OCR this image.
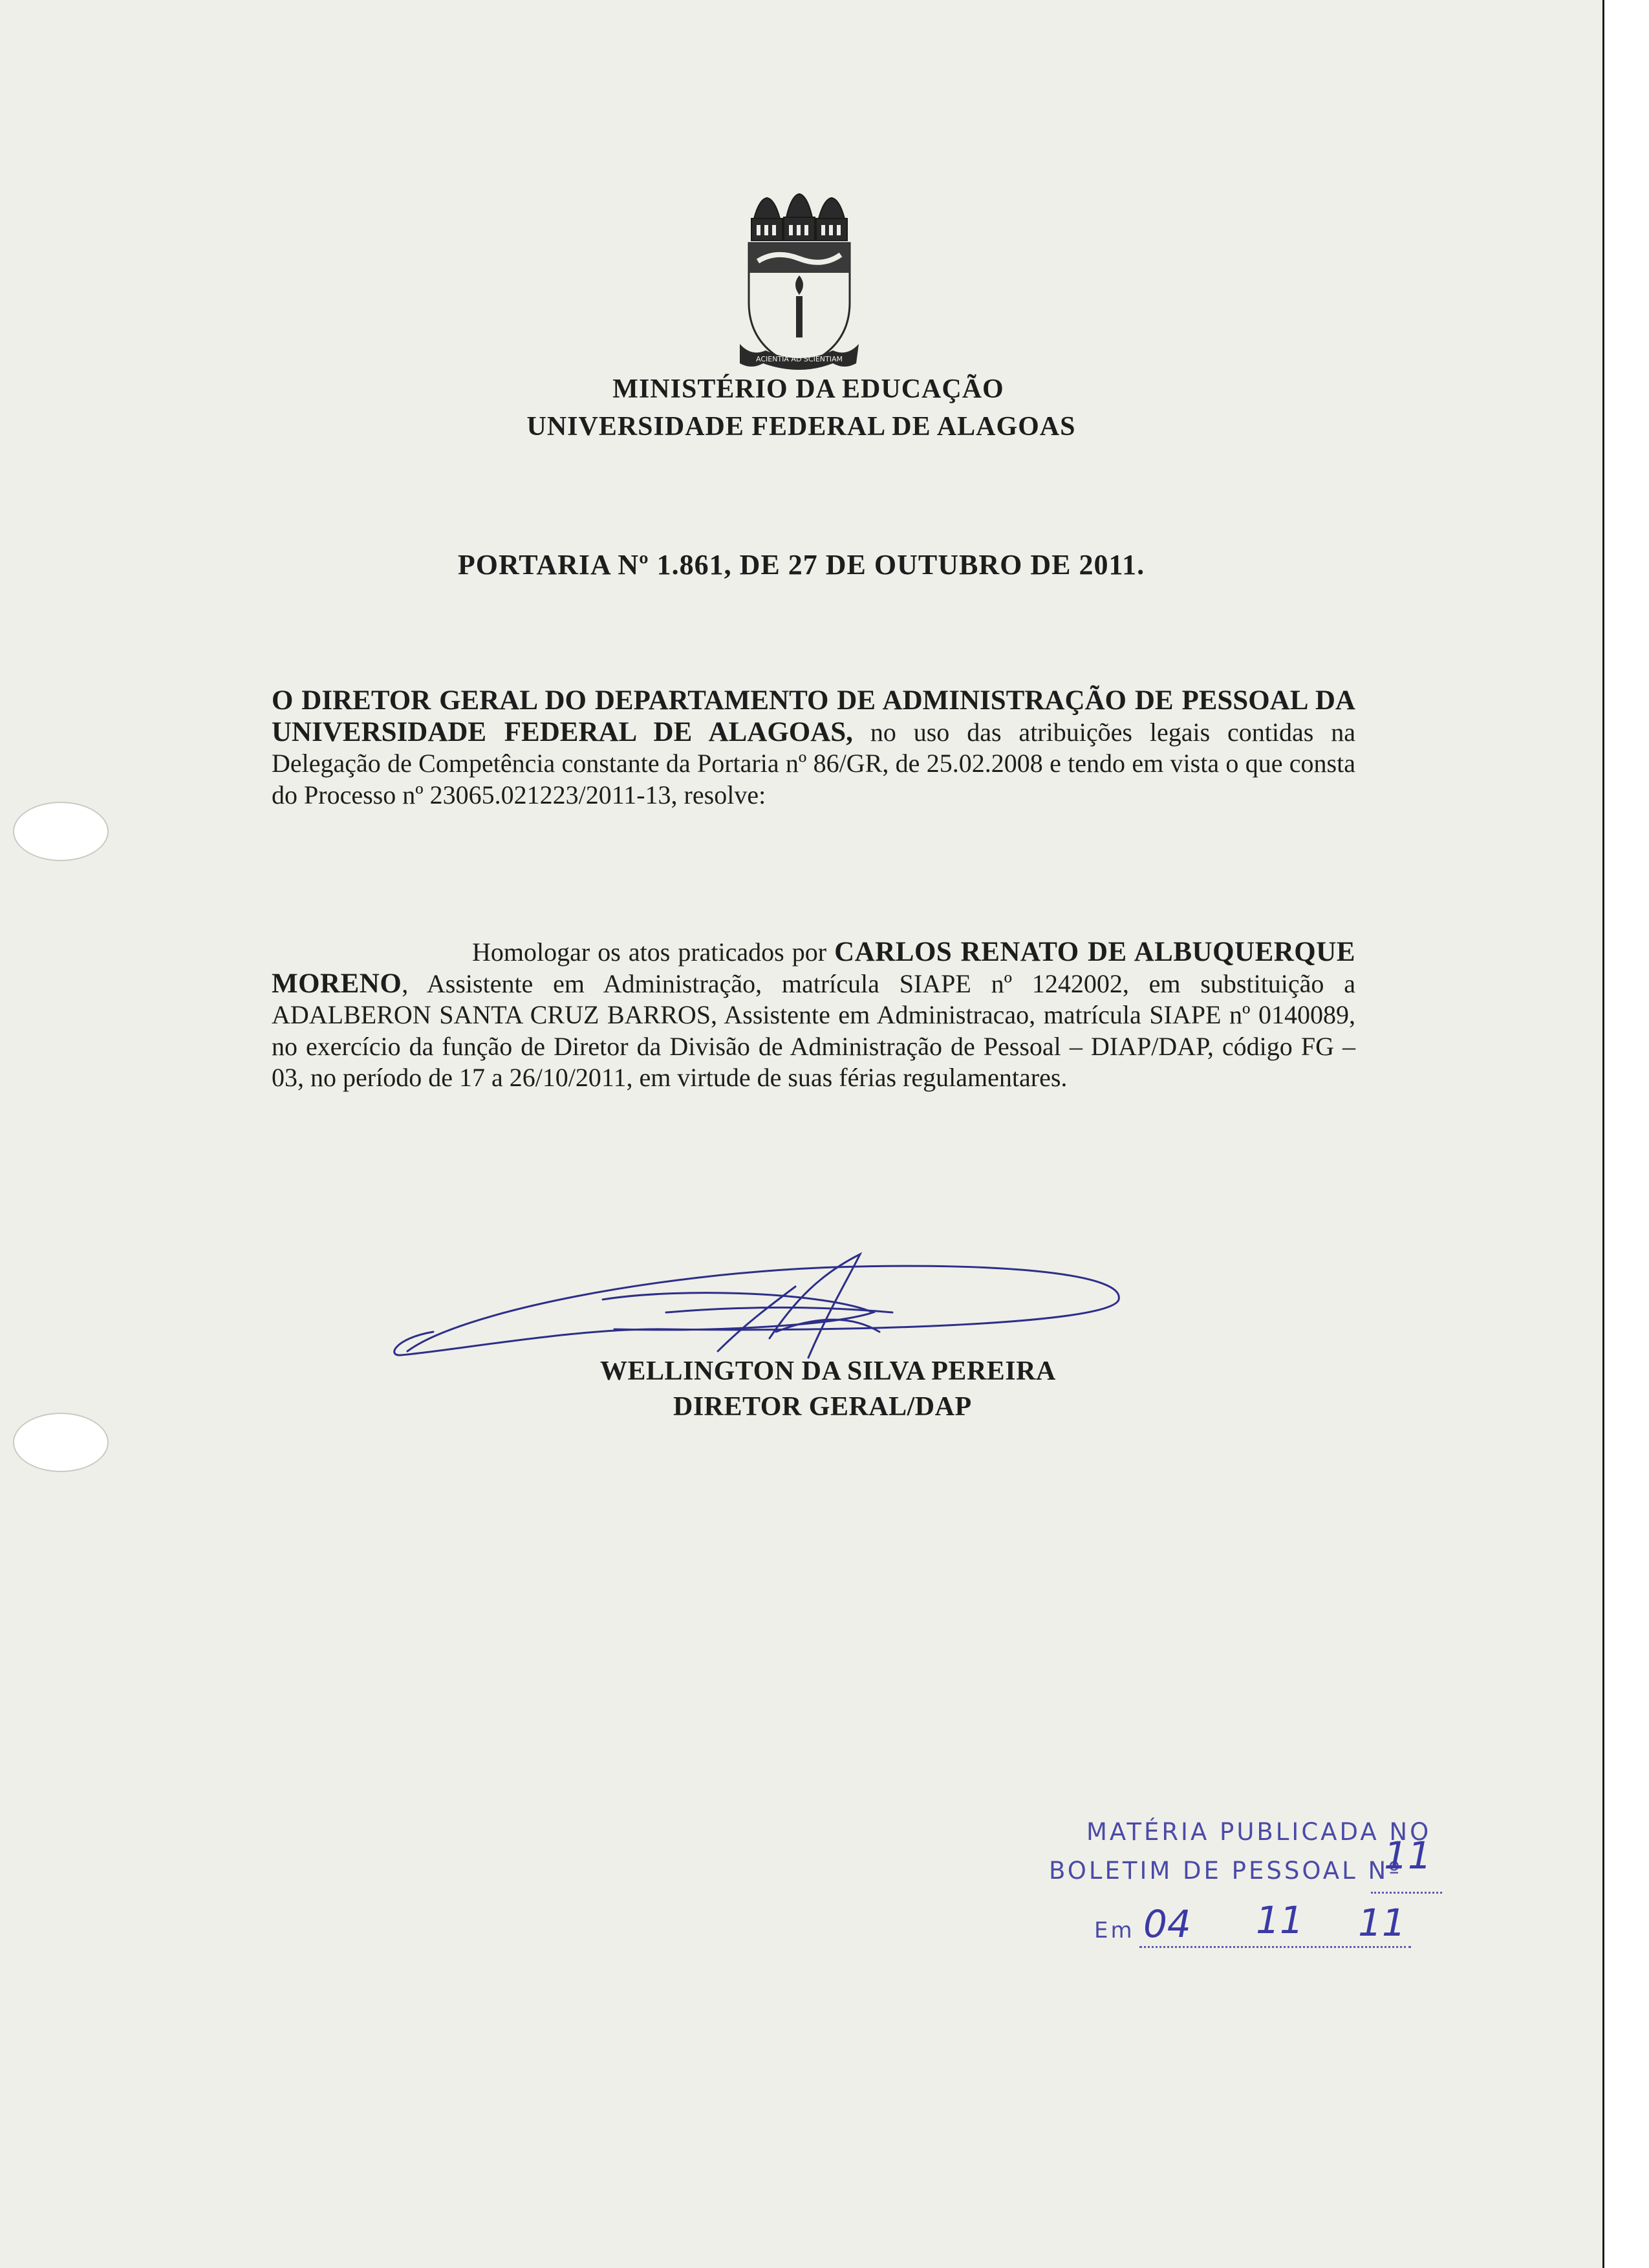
ACIENTIA AD SCIENTIAM
MINISTÉRIO DA EDUCAÇÃO
UNIVERSIDADE FEDERAL DE ALAGOAS
PORTARIA Nº 1.861, DE 27 DE OUTUBRO DE 2011.
O DIRETOR GERAL DO DEPARTAMENTO DE ADMINISTRAÇÃO DE PESSOAL DA UNIVERSIDADE FEDERAL DE ALAGOAS, no uso das atribuições legais contidas na Delegação de Competência constante da Portaria nº 86/GR, de 25.02.2008 e tendo em vista o que consta do Processo nº 23065.021223/2011-13, resolve:
Homologar os atos praticados por CARLOS RENATO DE ALBUQUERQUE MORENO, Assistente em Administração, matrícula SIAPE nº 1242002, em substituição a ADALBERON SANTA CRUZ BARROS, Assistente em Administracao, matrícula SIAPE nº 0140089, no exercício da função de Diretor da Divisão de Administração de Pessoal – DIAP/DAP, código FG – 03, no período de 17 a 26/10/2011, em virtude de suas férias regulamentares.
WELLINGTON DA SILVA PEREIRA
DIRETOR GERAL/DAP
MATÉRIA PUBLICADA NO
BOLETIM DE PESSOAL Nº
Em
11
04 11 11
